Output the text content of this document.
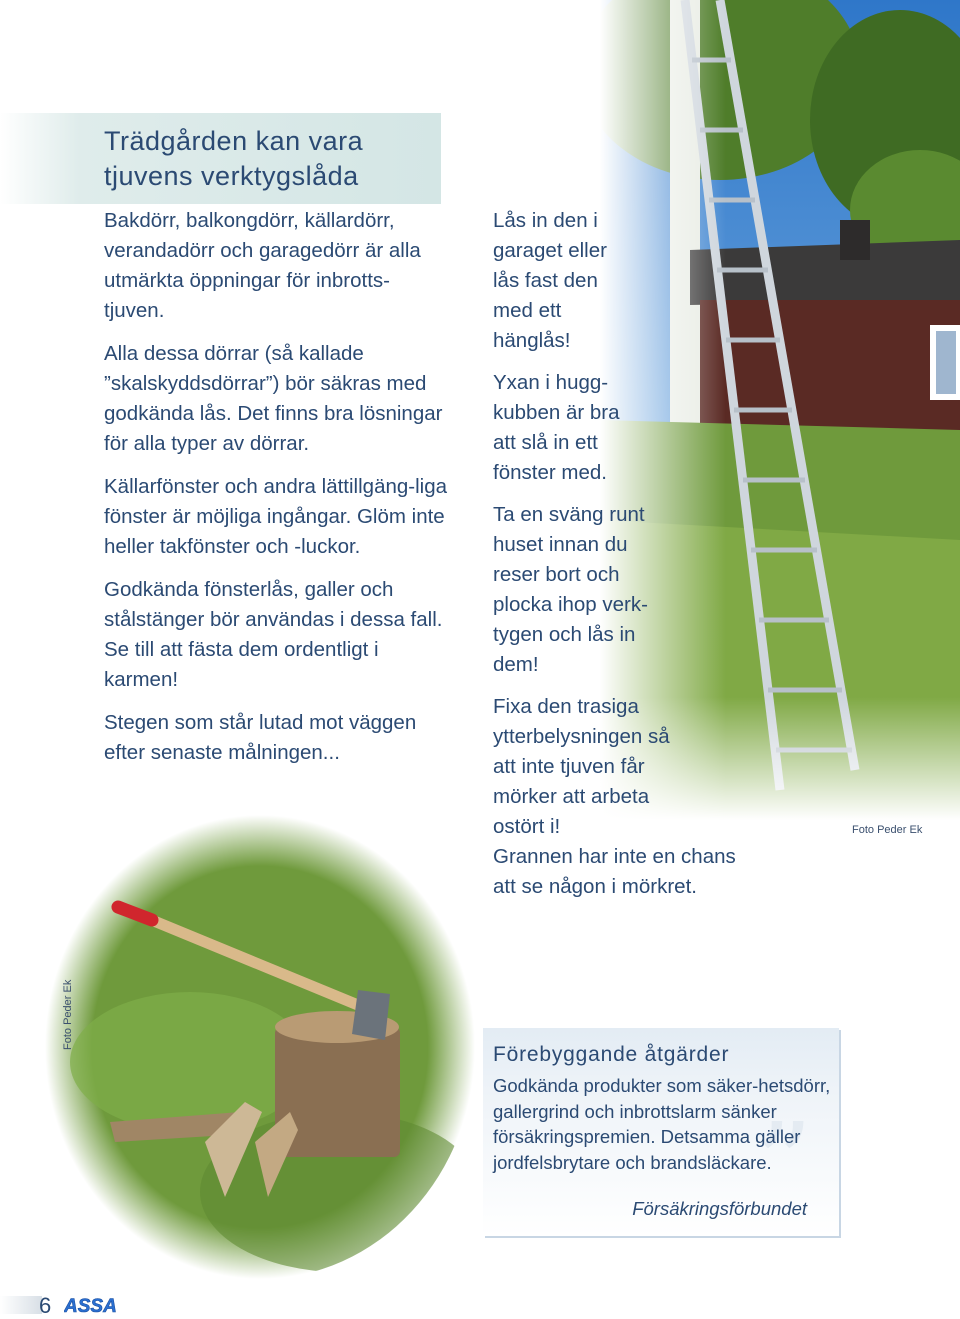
Trädgården kan vara tjuvens verktygslåda

Bakdörr, balkongdörr, källardörr, verandadörr och garagedörr är alla utmärkta öppningar för inbrotts-tjuven.

Alla dessa dörrar (så kallade ”skalskyddsdörrar”) bör säkras med godkända lås. Det finns bra lösningar för alla typer av dörrar.

Källarfönster och andra lättillgäng-liga fönster är möjliga ingångar. Glöm inte heller takfönster och -luckor.

Godkända fönsterlås, galler och stålstänger bör användas i dessa fall. Se till att fästa dem ordentligt i karmen!

Stegen som står lutad mot väggen efter senaste målningen...

Lås in den i garaget eller lås fast den med ett hänglås!

Yxan i hugg-kubben är bra att slå in ett fönster med.

Ta en sväng runt huset innan du reser bort och plocka ihop verk-tygen och lås in dem!

Fixa den trasiga ytterbelysningen så att inte tjuven får mörker att arbeta ostört i!

Grannen har inte en chans att se någon i mörkret.

Foto Peder Ek
Foto Peder Ek
”
Förebyggande åtgärder
Godkända produkter som säker-hetsdörr, gallergrind och inbrottslarm sänker försäkringspremien. Detsamma gäller jordfelsbrytare och brandsläckare.
Försäkringsförbundet
6 ASSA
